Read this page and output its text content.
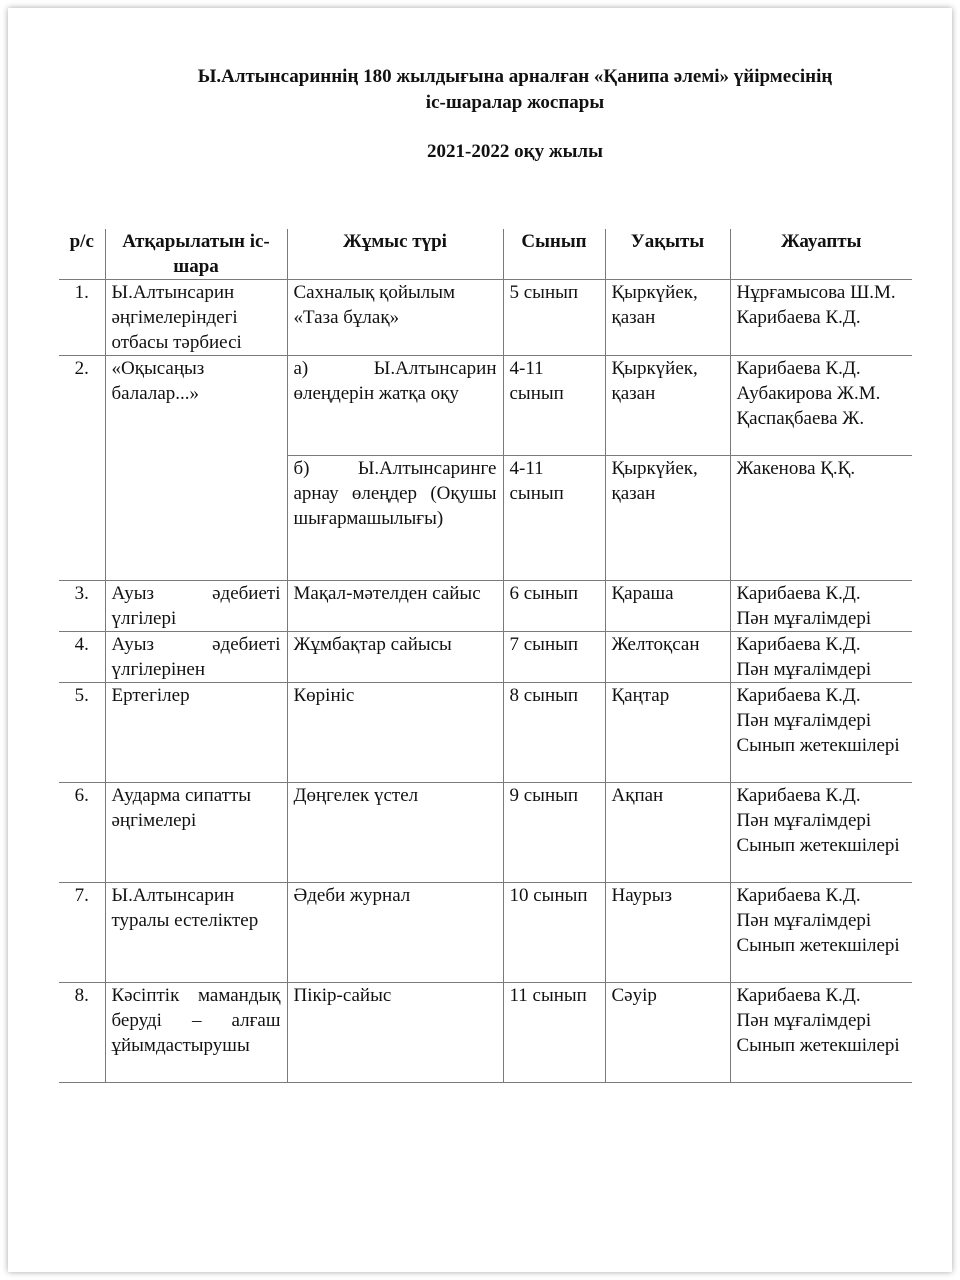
Ы.Алтынсариннің 180 жылдығына арналған «Қанипа әлемі» үйірмесінің
іс-шаралар жоспары
2021-2022 оқу жылы
р/с	Атқарылатын іс-шара	Жұмыс түрі	Сынып	Уақыты	Жауапты
1.	Ы.Алтынсарин әңгімелеріндегі отбасы тәрбиесі	Сахналық қойылым «Таза бұлақ»	5 сынып	Қыркүйек, қазан	Нұрғамысова Ш.М.
Карибаева К.Д.

2.	«Оқысаңыз балалар...»	а) Ы.Алтынсарин өлеңдерін жатқа оқу	4-11 сынып	Қыркүйек, қазан	Карибаева К.Д.
Аубакирова Ж.М.
Қаспақбаева Ж.

		б) Ы.Алтынсаринге арнау өлеңдер (Оқушы шығармашылығы)	4-11 сынып	Қыркүйек, қазан	Жакенова Қ.Қ.

3.	Ауыз әдебиеті үлгілері	Мақал-мәтелден сайыс	6 сынып	Қараша	Карибаева К.Д.
Пән мұғалімдері

4.	Ауыз әдебиеті үлгілерінен	Жұмбақтар сайысы	7 сынып	Желтоқсан	Карибаева К.Д.
Пән мұғалімдері

5.	Ертегілер	Көрініс	8 сынып	Қаңтар	Карибаева К.Д.
Пән мұғалімдері
Сынып жетекшілері

6.	Аударма сипатты әңгімелері	Дөңгелек үстел	9 сынып	Ақпан	Карибаева К.Д.
Пән мұғалімдері
Сынып жетекшілері

7.	Ы.Алтынсарин туралы естеліктер	Әдеби журнал	10 сынып	Наурыз	Карибаева К.Д.
Пән мұғалімдері
Сынып жетекшілері

8.	Кәсіптік мамандық беруді – алғаш ұйымдастырушы	Пікір-сайыс	11 сынып	Сәуір	Карибаева К.Д.
Пән мұғалімдері
Сынып жетекшілері
